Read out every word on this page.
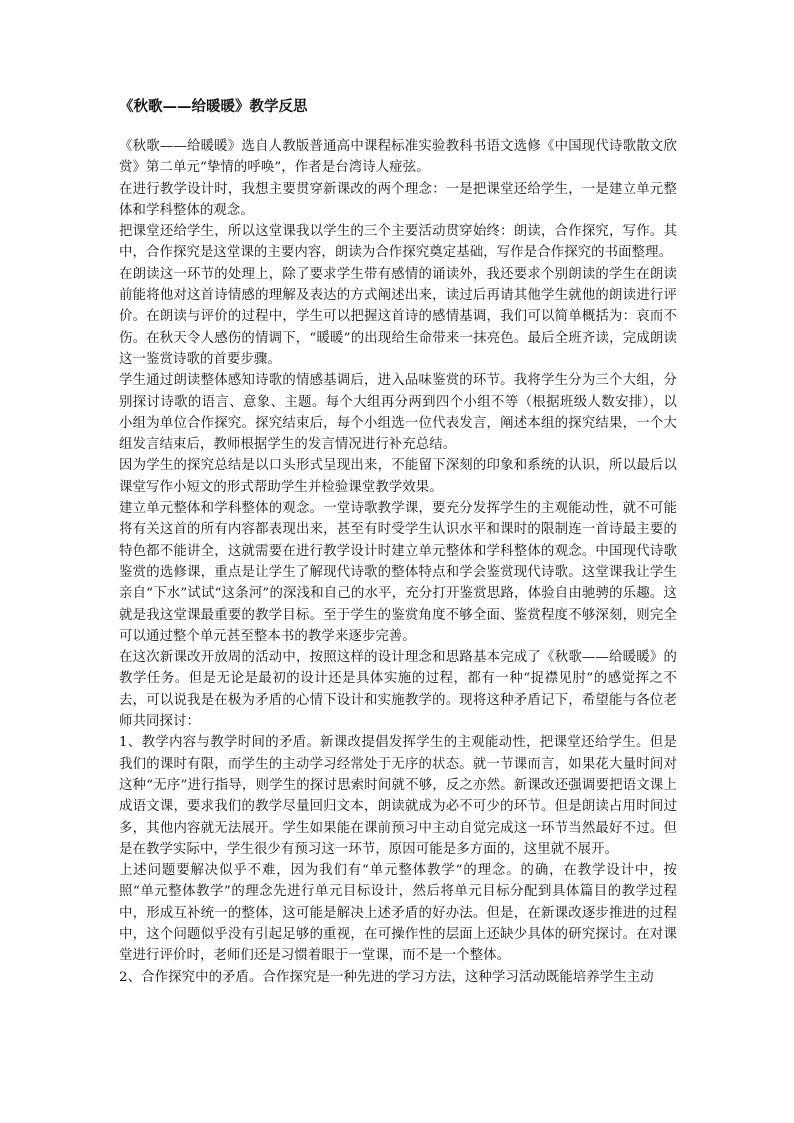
《秋歌——给暖暖》教学反思

《秋歌——给暖暖》选自人教版普通高中课程标准实验教科书语文选修《中国现代诗歌散文欣赏》第二单元“挚情的呼唤”，作者是台湾诗人痖弦。

在进行教学设计时，我想主要贯穿新课改的两个理念：一是把课堂还给学生，一是建立单元整体和学科整体的观念。

把课堂还给学生，所以这堂课我以学生的三个主要活动贯穿始终：朗读，合作探究，写作。其中，合作探究是这堂课的主要内容，朗读为合作探究奠定基础，写作是合作探究的书面整理。

在朗读这一环节的处理上，除了要求学生带有感情的诵读外，我还要求个别朗读的学生在朗读前能将他对这首诗情感的理解及表达的方式阐述出来，读过后再请其他学生就他的朗读进行评价。在朗读与评价的过程中，学生可以把握这首诗的感情基调，我们可以简单概括为：哀而不伤。在秋天令人感伤的情调下，“暖暖”的出现给生命带来一抹亮色。最后全班齐读，完成朗读这一鉴赏诗歌的首要步骤。

学生通过朗读整体感知诗歌的情感基调后，进入品味鉴赏的环节。我将学生分为三个大组，分别探讨诗歌的语言、意象、主题。每个大组再分两到四个小组不等（根据班级人数安排），以小组为单位合作探究。探究结束后，每个小组选一位代表发言，阐述本组的探究结果，一个大组发言结束后，教师根据学生的发言情况进行补充总结。

因为学生的探究总结是以口头形式呈现出来，不能留下深刻的印象和系统的认识，所以最后以课堂写作小短文的形式帮助学生并检验课堂教学效果。

建立单元整体和学科整体的观念。一堂诗歌教学课，要充分发挥学生的主观能动性，就不可能将有关这首的所有内容都表现出来，甚至有时受学生认识水平和课时的限制连一首诗最主要的特色都不能讲全，这就需要在进行教学设计时建立单元整体和学科整体的观念。中国现代诗歌鉴赏的选修课，重点是让学生了解现代诗歌的整体特点和学会鉴赏现代诗歌。这堂课我让学生亲自“下水”试试“这条河”的深浅和自己的水平，充分打开鉴赏思路，体验自由驰骋的乐趣。这就是我这堂课最重要的教学目标。至于学生的鉴赏角度不够全面、鉴赏程度不够深刻，则完全可以通过整个单元甚至整本书的教学来逐步完善。

在这次新课改开放周的活动中，按照这样的设计理念和思路基本完成了《秋歌——给暖暖》的教学任务。但是无论是最初的设计还是具体实施的过程，都有一种“捉襟见肘”的感觉挥之不去，可以说我是在极为矛盾的心情下设计和实施教学的。现将这种矛盾记下，希望能与各位老师共同探讨：

1、教学内容与教学时间的矛盾。新课改提倡发挥学生的主观能动性，把课堂还给学生。但是我们的课时有限，而学生的主动学习经常处于无序的状态。就一节课而言，如果花大量时间对这种“无序”进行指导，则学生的探讨思索时间就不够，反之亦然。新课改还强调要把语文课上成语文课，要求我们的教学尽量回归文本，朗读就成为必不可少的环节。但是朗读占用时间过多，其他内容就无法展开。学生如果能在课前预习中主动自觉完成这一环节当然最好不过。但是在教学实际中，学生很少有预习这一环节，原因可能是多方面的，这里就不展开。

上述问题要解决似乎不难，因为我们有“单元整体教学”的理念。的确，在教学设计中，按照“单元整体教学”的理念先进行单元目标设计，然后将单元目标分配到具体篇目的教学过程中，形成互补统一的整体，这可能是解决上述矛盾的好办法。但是，在新课改逐步推进的过程中，这个问题似乎没有引起足够的重视，在可操作性的层面上还缺少具体的研究探讨。在对课堂进行评价时，老师们还是习惯着眼于一堂课，而不是一个整体。

2、合作探究中的矛盾。合作探究是一种先进的学习方法，这种学习活动既能培养学生主动
